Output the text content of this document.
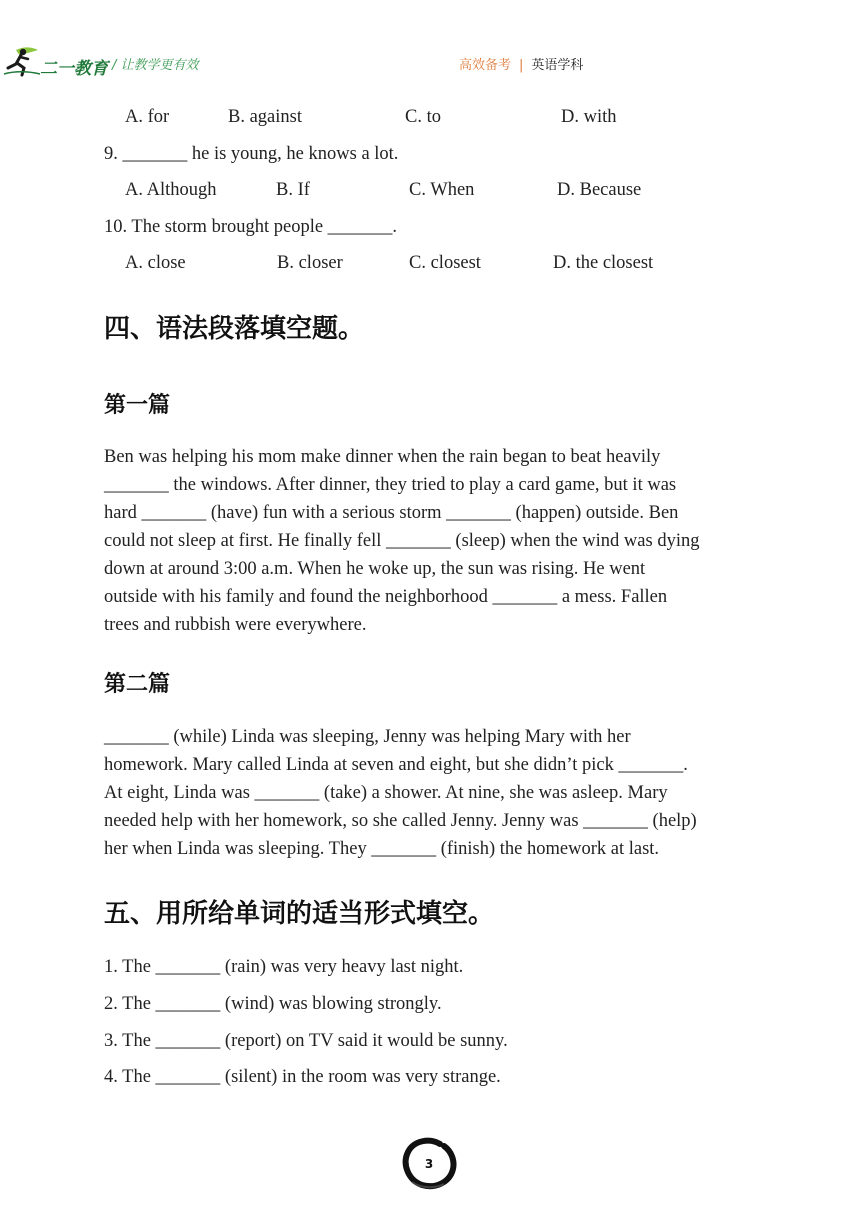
二一教育 / 让教学更有效	高效备考 | 英语学科
A. for	B. against	C. to	D. with
9. _______ he is young, he knows a lot.
A. Although	B. If	C. When	D. Because
10. The storm brought people _______.
A. close	B. closer	C. closest	D. the closest
四、语法段落填空题。
第一篇
Ben was helping his mom make dinner when the rain began to beat heavily
_______ the windows. After dinner, they tried to play a card game, but it was
hard _______ (have) fun with a serious storm _______ (happen) outside. Ben
could not sleep at first. He finally fell _______ (sleep) when the wind was dying
down at around 3:00 a.m. When he woke up, the sun was rising. He went
outside with his family and found the neighborhood _______ a mess. Fallen
trees and rubbish were everywhere.
第二篇
_______ (while) Linda was sleeping, Jenny was helping Mary with her
homework. Mary called Linda at seven and eight, but she didn’t pick _______.
At eight, Linda was _______ (take) a shower. At nine, she was asleep. Mary
needed help with her homework, so she called Jenny. Jenny was _______ (help)
her when Linda was sleeping. They _______ (finish) the homework at last.
五、用所给单词的适当形式填空。
1. The _______ (rain) was very heavy last night.
2. The _______ (wind) was blowing strongly.
3. The _______ (report) on TV said it would be sunny.
4. The _______ (silent) in the room was very strange.
3
